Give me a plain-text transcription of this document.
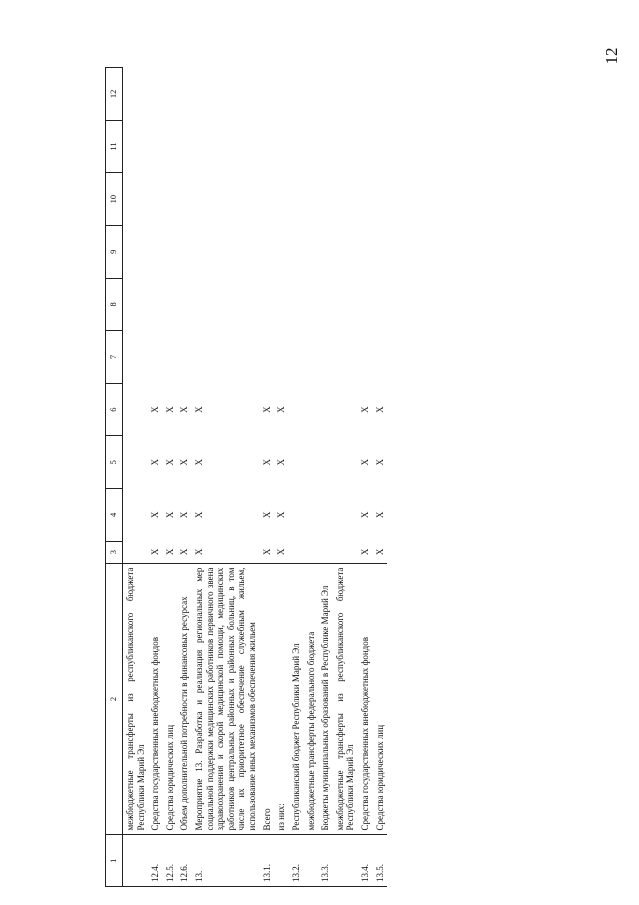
12
1	2	3	4	5	6	7	8	9	10	11	12
	межбюджетные трансферты из республиканского бюджета Республики Марий Эл										
12.4.	Средства государственных внебюджетных фондов	X	X	X	X						
12.5.	Средства юридических лиц	X	X	X	X						
12.6.	Объем дополнительной потребности в финансовых ресурсах	X	X	X	X						
13.	Мероприятие 13. Разработка и реализация региональных мер социальной поддержки медицинских работников первичного звена здравоохранения и скорой медицинской помощи, медицинских работников центральных районных и районных больниц, в том числе их приоритетное обеспечение служебным жильем, использование иных механизмов обеспечения жильем	X	X	X	X						
13.1.	Всего	X	X	X	X						
	из них:	X	X	X	X						
13.2.	Республиканский бюджет Республики Марий Эл										
	межбюджетные трансферты федерального бюджета										
13.3.	Бюджеты муниципальных образований в Республике Марий Эл										
	межбюджетные трансферты из республиканского бюджета Республики Марий Эл										
13.4.	Средства государственных внебюджетных фондов	X	X	X	X						
13.5.	Средства юридических лиц	X	X	X	X						
